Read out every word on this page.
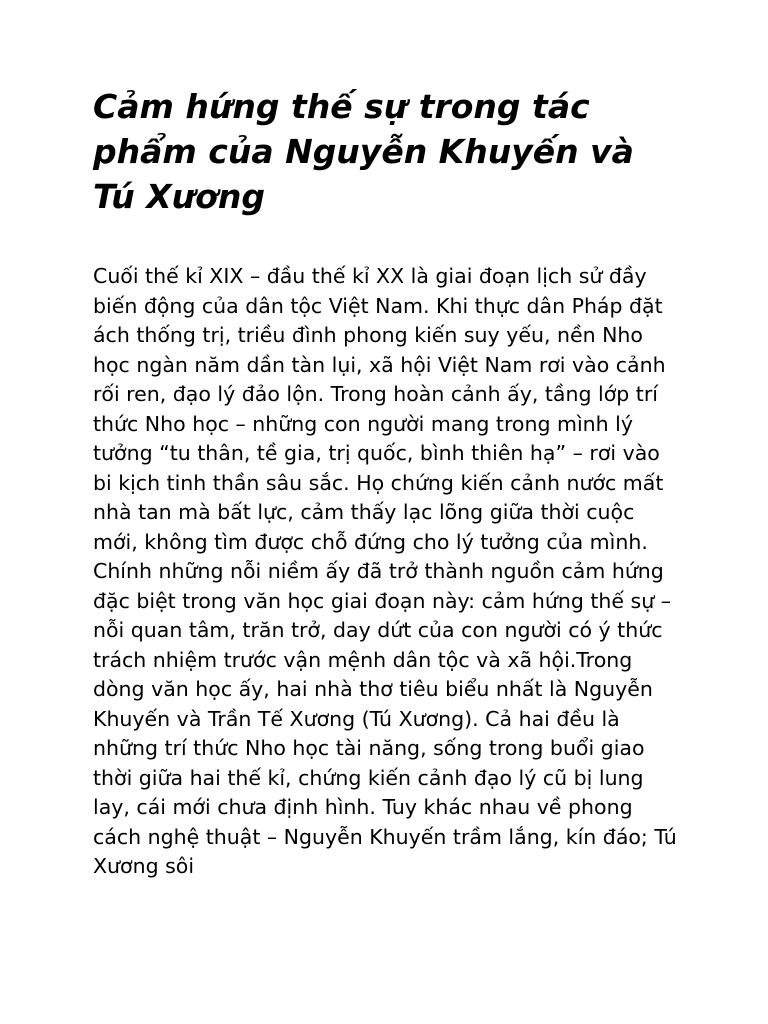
Cảm hứng thế sự trong tác phẩm của Nguyễn Khuyến và Tú Xương

Cuối thế kỉ XIX – đầu thế kỉ XX là giai đoạn lịch sử đầy biến động của dân tộc Việt Nam. Khi thực dân Pháp đặt ách thống trị, triều đình phong kiến suy yếu, nền Nho học ngàn năm dần tàn lụi, xã hội Việt Nam rơi vào cảnh rối ren, đạo lý đảo lộn. Trong hoàn cảnh ấy, tầng lớp trí thức Nho học – những con người mang trong mình lý tưởng “tu thân, tề gia, trị quốc, bình thiên hạ” – rơi vào bi kịch tinh thần sâu sắc. Họ chứng kiến cảnh nước mất nhà tan mà bất lực, cảm thấy lạc lõng giữa thời cuộc mới, không tìm được chỗ đứng cho lý tưởng của mình. Chính những nỗi niềm ấy đã trở thành nguồn cảm hứng đặc biệt trong văn học giai đoạn này: cảm hứng thế sự – nỗi quan tâm, trăn trở, day dứt của con người có ý thức trách nhiệm trước vận mệnh dân tộc và xã hội.Trong dòng văn học ấy, hai nhà thơ tiêu biểu nhất là Nguyễn Khuyến và Trần Tế Xương (Tú Xương). Cả hai đều là những trí thức Nho học tài năng, sống trong buổi giao thời giữa hai thế kỉ, chứng kiến cảnh đạo lý cũ bị lung lay, cái mới chưa định hình. Tuy khác nhau về phong cách nghệ thuật – Nguyễn Khuyến trầm lắng, kín đáo; Tú Xương sôi
